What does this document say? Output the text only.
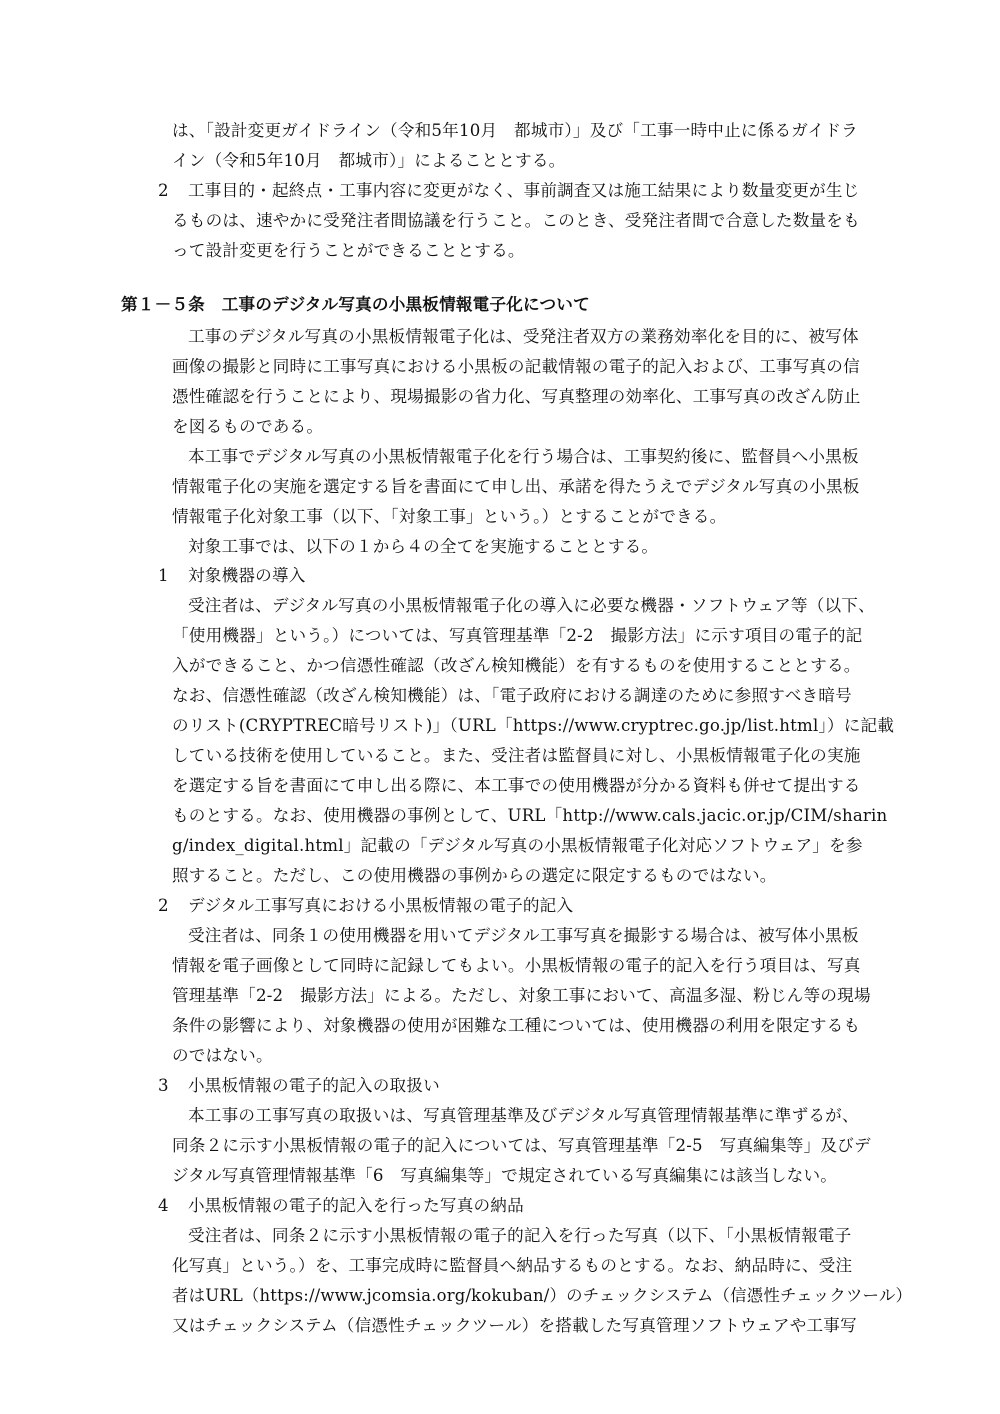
は、「設計変更ガイドライン（令和5年10月　都城市）」及び「工事一時中止に係るガイドラ
イン（令和5年10月　都城市）」によることとする。
2 工事目的・起終点・工事内容に変更がなく、事前調査又は施工結果により数量変更が生じ
るものは、速やかに受発注者間協議を行うこと。このとき、受発注者間で合意した数量をも
って設計変更を行うことができることとする。
第１－５条　工事のデジタル写真の小黒板情報電子化について
工事のデジタル写真の小黒板情報電子化は、受発注者双方の業務効率化を目的に、被写体
画像の撮影と同時に工事写真における小黒板の記載情報の電子的記入および、工事写真の信
憑性確認を行うことにより、現場撮影の省力化、写真整理の効率化、工事写真の改ざん防止
を図るものである。
本工事でデジタル写真の小黒板情報電子化を行う場合は、工事契約後に、監督員へ小黒板
情報電子化の実施を選定する旨を書面にて申し出、承諾を得たうえでデジタル写真の小黒板
情報電子化対象工事（以下、「対象工事」という。）とすることができる。
対象工事では、以下の１から４の全てを実施することとする。
1 対象機器の導入
受注者は、デジタル写真の小黒板情報電子化の導入に必要な機器・ソフトウェア等（以下、
「使用機器」という。）については、写真管理基準「2-2　撮影方法」に示す項目の電子的記
入ができること、かつ信憑性確認（改ざん検知機能）を有するものを使用することとする。
なお、信憑性確認（改ざん検知機能）は、「電子政府における調達のために参照すべき暗号
のリスト(CRYPTREC暗号リスト)」（URL「https://www.cryptrec.go.jp/list.html」）に記載
している技術を使用していること。また、受注者は監督員に対し、小黒板情報電子化の実施
を選定する旨を書面にて申し出る際に、本工事での使用機器が分かる資料も併せて提出する
ものとする。なお、使用機器の事例として、URL「http://www.cals.jacic.or.jp/CIM/sharin
g/index_digital.html」記載の「デジタル写真の小黒板情報電子化対応ソフトウェア」を参
照すること。ただし、この使用機器の事例からの選定に限定するものではない。
2 デジタル工事写真における小黒板情報の電子的記入
受注者は、同条１の使用機器を用いてデジタル工事写真を撮影する場合は、被写体小黒板
情報を電子画像として同時に記録してもよい。小黒板情報の電子的記入を行う項目は、写真
管理基準「2-2　撮影方法」による。ただし、対象工事において、高温多湿、粉じん等の現場
条件の影響により、対象機器の使用が困難な工種については、使用機器の利用を限定するも
のではない。
3 小黒板情報の電子的記入の取扱い
本工事の工事写真の取扱いは、写真管理基準及びデジタル写真管理情報基準に準ずるが、
同条２に示す小黒板情報の電子的記入については、写真管理基準「2-5　写真編集等」及びデ
ジタル写真管理情報基準「6　写真編集等」で規定されている写真編集には該当しない。
4 小黒板情報の電子的記入を行った写真の納品
受注者は、同条２に示す小黒板情報の電子的記入を行った写真（以下、「小黒板情報電子
化写真」という。）を、工事完成時に監督員へ納品するものとする。なお、納品時に、受注
者はURL（https://www.jcomsia.org/kokuban/）のチェックシステム（信憑性チェックツール）
又はチェックシステム（信憑性チェックツール）を搭載した写真管理ソフトウェアや工事写
